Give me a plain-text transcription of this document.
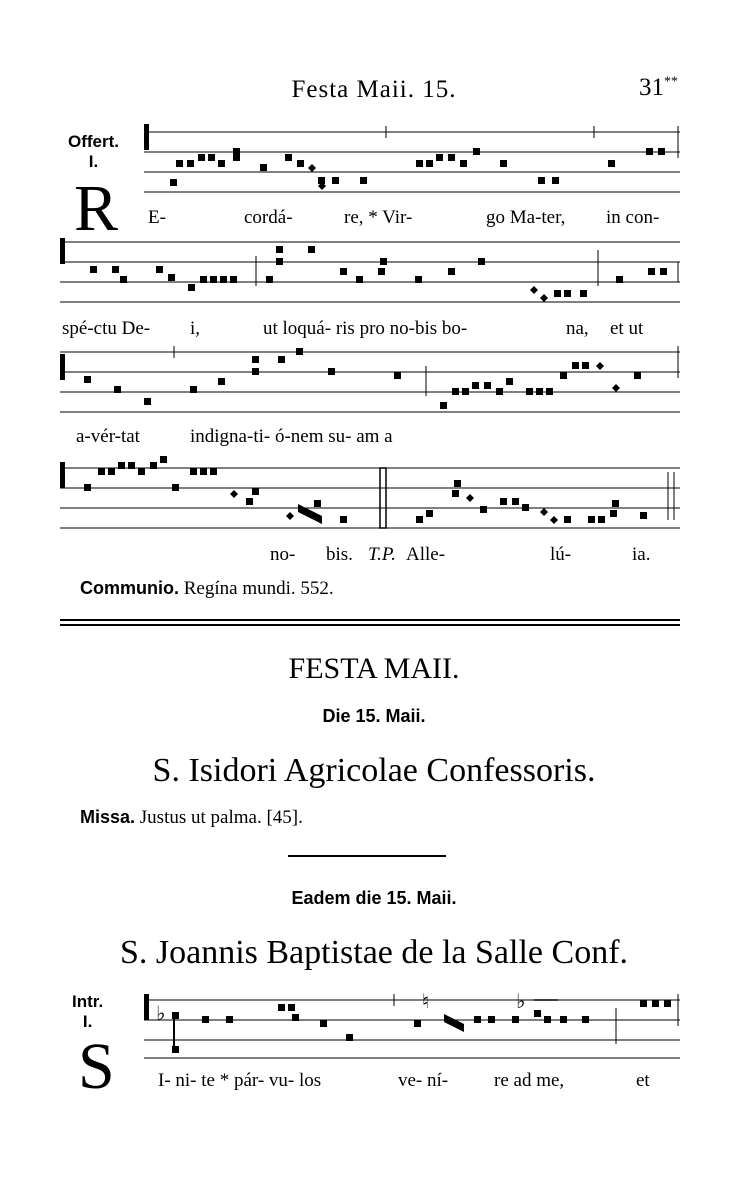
Festa Maii. 15.	31**
Offert.
I.
R E-	cordá-	re, * Vir-	go Ma-ter, in con-
spé-ctu De- i,	ut loquá- ris pro no-bis bo-	na, et ut
a-vér-tat	indigna-ti- ó-nem su- am a
no- bis. T.P. Alle-	lú-	ia.
Communio. Regína mundi. 552.
FESTA MAII.
Die 15. Maii.
S. Isidori Agricolae Confessoris.
Missa. Justus ut palma. [45].
Eadem die 15. Maii.
S. Joannis Baptistae de la Salle Conf.
Intr.
I.
S
♭	♮	♭
I- ni- te * pár- vu- los	ve- ní- re ad me,	et
